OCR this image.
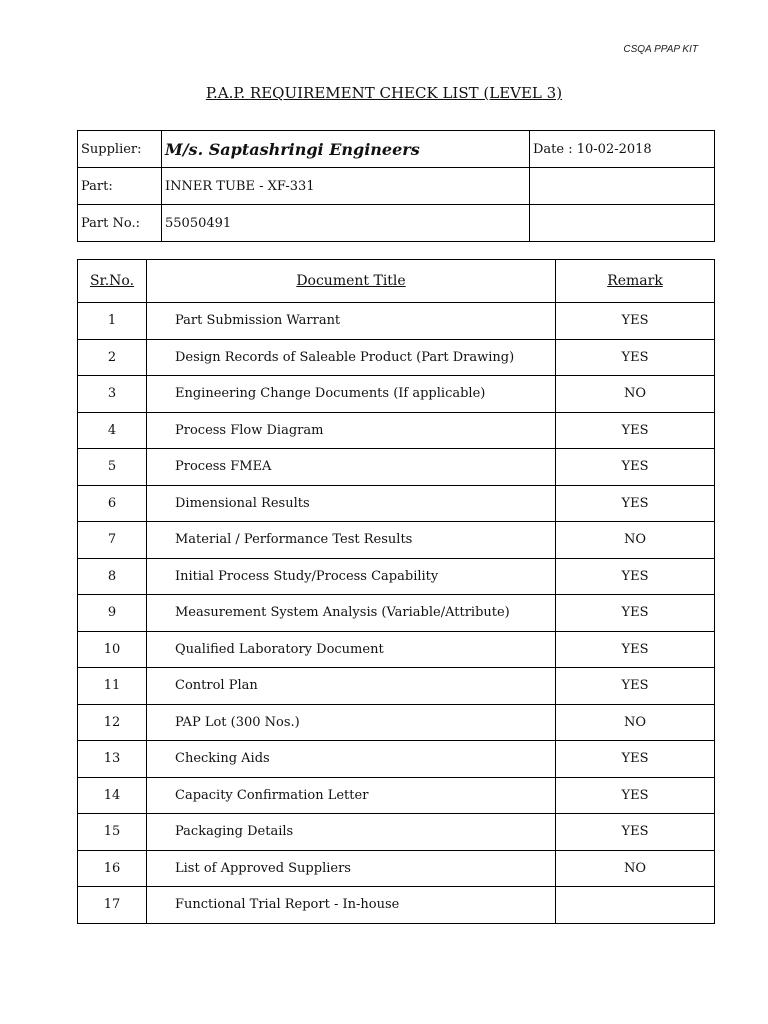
CSQA PPAP KIT
P.A.P. REQUIREMENT CHECK LIST (LEVEL 3)
Supplier:	M/s. Saptashringi Engineers	Date : 10-02-2018
Part:	INNER TUBE - XF-331	
Part No.:	55050491	
Sr.No.	Document Title	Remark
1	Part Submission Warrant	YES
2	Design Records of Saleable Product (Part Drawing)	YES
3	Engineering Change Documents (If applicable)	NO
4	Process Flow Diagram	YES
5	Process FMEA	YES
6	Dimensional Results	YES
7	Material / Performance Test Results	NO
8	Initial Process Study/Process Capability	YES
9	Measurement System Analysis (Variable/Attribute)	YES
10	Qualified Laboratory Document	YES
11	Control Plan	YES
12	PAP Lot (300 Nos.)	NO
13	Checking Aids	YES
14	Capacity Confirmation Letter	YES
15	Packaging Details	YES
16	List of Approved Suppliers	NO
17	Functional Trial Report - In-house	
